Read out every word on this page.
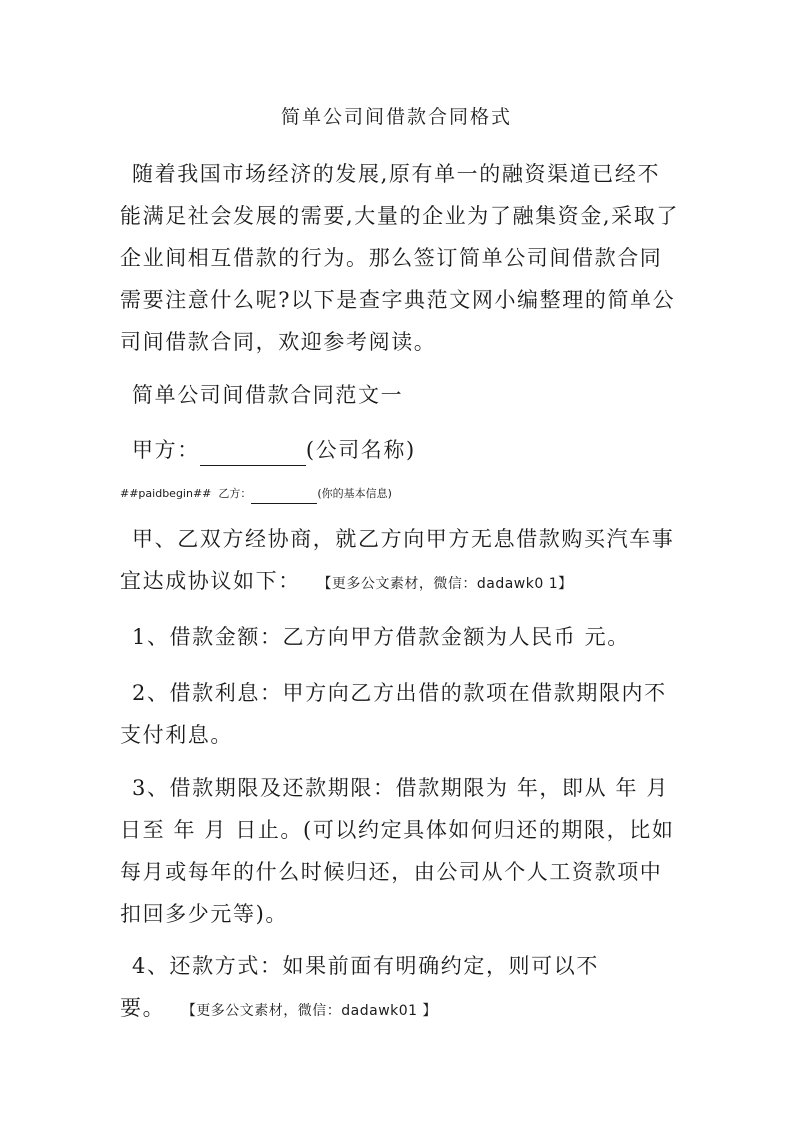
简单公司间借款合同格式

随着我国市场经济的发展,原有单一的融资渠道已经不能满足社会发展的需要,大量的企业为了融集资金,采取了企业间相互借款的行为。那么签订简单公司间借款合同需要注意什么呢?以下是查字典范文网小编整理的简单公司间借款合同，欢迎参考阅读。

简单公司间借款合同范文一
甲方：	(公司名称)
##paidbegin## 乙方：	(你的基本信息)

甲、乙双方经协商，就乙方向甲方无息借款购买汽车事宜达成协议如下： 【更多公文素材，微信：dadawk0 1】

1、借款金额：乙方向甲方借款金额为人民币 元。

2、借款利息：甲方向乙方出借的款项在借款期限内不支付利息。

3、借款期限及还款期限：借款期限为 年，即从 年 月 日至 年 月 日止。(可以约定具体如何归还的期限，比如每月或每年的什么时候归还，由公司从个人工资款项中扣回多少元等)。

4、还款方式：如果前面有明确约定，则可以不要。 【更多公文素材，微信：dadawk01 】
